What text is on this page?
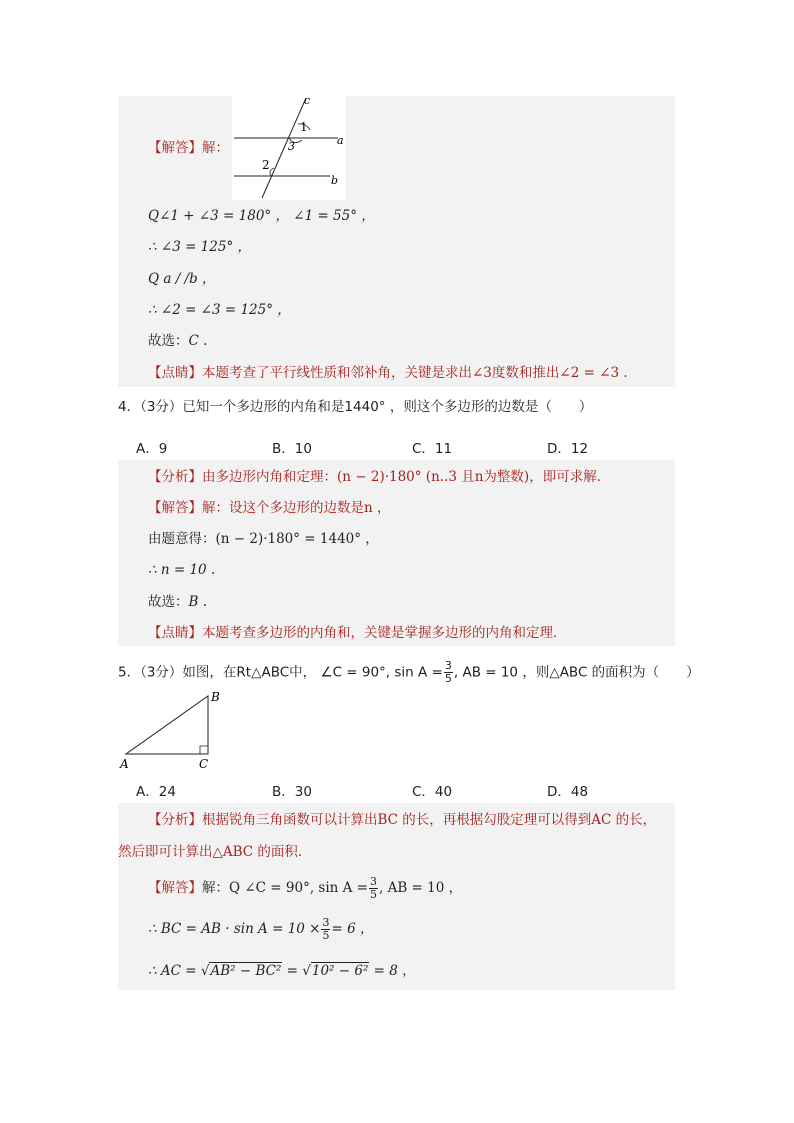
c
1
3
2
a
b
【解答】解：
Q∠1 + ∠3 = 180° ， ∠1 = 55° ，
∴ ∠3 = 125° ，
Q a / /b ，
∴ ∠2 = ∠3 = 125° ，
故选：C .
【点睛】本题考查了平行线性质和邻补角，关键是求出∠3度数和推出∠2 = ∠3 .
4．（3分）已知一个多边形的内角和是1440° ，则这个多边形的边数是（　　）
A．9	B．10	C．11	D．12
【分析】由多边形内角和定理：(n − 2)·180° (n..3 且n为整数)，即可求解．
【解答】解：设这个多边形的边数是n ，
由题意得：(n − 2)·180° = 1440° ，
∴ n = 10 .
故选：B .
【点睛】本题考查多边形的内角和，关键是掌握多边形的内角和定理．
5．（3分）如图，在Rt△ABC中， ∠C = 90°, $\sin A = \frac{3}{5}$ , AB = 10 ，则△ABC 的面积为（　　）
A	C
B
A．24	B．30	C．40	D．48
【分析】根据锐角三角函数可以计算出BC 的长，再根据勾股定理可以得到AC 的长，
然后即可计算出△ABC 的面积．
【解答】解：Q ∠C = 90°, $\sin A = \frac{3}{5}$ , AB = 10 ，
∴ BC = AB · $\sin A = 10 \times \frac{3}{5} = 6$ ，
∴ AC = √AB² − BC² = √10² − 6² = 8 ，
